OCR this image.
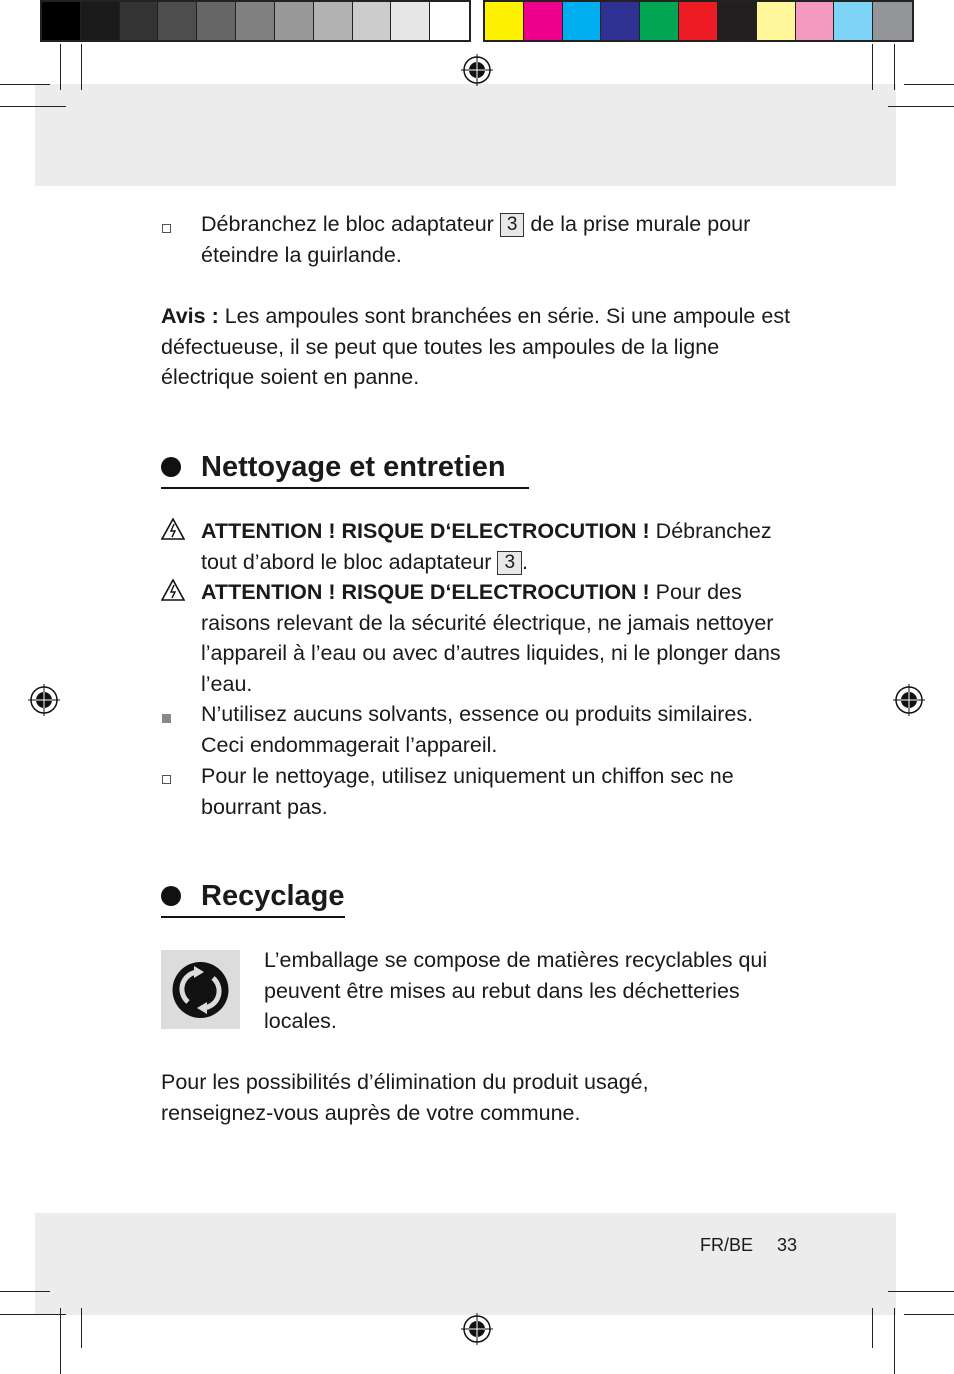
Débranchez le bloc adaptateur 3 de la prise murale pour éteindre la guirlande.
Avis : Les ampoules sont branchées en série. Si une ampoule est défectueuse, il se peut que toutes les ampoules de la ligne électrique soient en panne.
Nettoyage et entretien
ATTENTION ! RISQUE D‘ELECTROCUTION ! Débranchez tout d’abord le bloc adaptateur 3 .
ATTENTION ! RISQUE D‘ELECTROCUTION ! Pour des raisons relevant de la sécurité électrique, ne jamais nettoyer l’appareil à l’eau ou avec d’autres liquides, ni le plonger dans l’eau.
N’utilisez aucuns solvants, essence ou produits similaires. Ceci endommagerait l’appareil.
Pour le nettoyage, utilisez uniquement un chiffon sec ne bourrant pas.
Recyclage
L’emballage se compose de matières recyclables qui peuvent être mises au rebut dans les déchetteries locales.
Pour les possibilités d’élimination du produit usagé, renseignez-vous auprès de votre commune.
FR/BE 33
